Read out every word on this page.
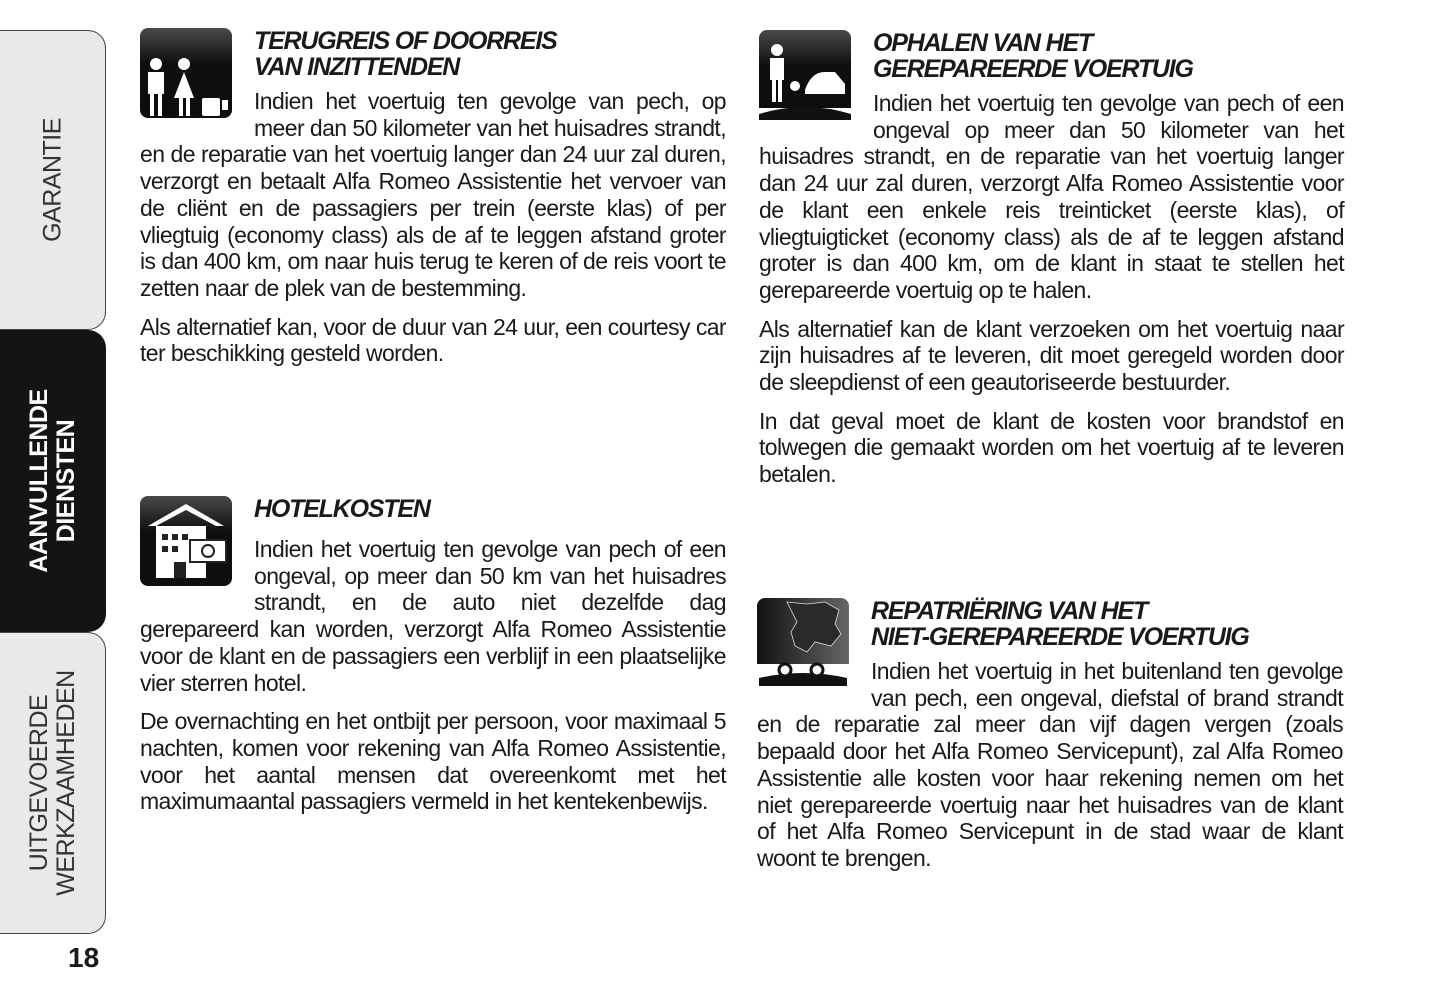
GARANTIE
AANVULLENDE
DIENSTEN
UITGEVOERDE
WERKZAAMHEDEN
18
TERUGREIS OF DOORREIS
VAN INZITTENDEN

Indien het voertuig ten gevolge van pech, op meer dan 50 kilometer van het huisadres strandt, en de reparatie van het voertuig langer dan 24 uur zal duren, verzorgt en betaalt Alfa Romeo Assistentie het vervoer van de cliënt en de passagiers per trein (eerste klas) of per vliegtuig (economy class) als de af te leggen afstand groter is dan 400 km, om naar huis terug te keren of de reis voort te zetten naar de plek van de bestemming.

Als alternatief kan, voor de duur van 24 uur, een courtesy car ter beschikking gesteld worden.

HOTELKOSTEN

Indien het voertuig ten gevolge van pech of een ongeval, op meer dan 50 km van het huisadres strandt, en de auto niet dezelfde dag gerepareerd kan worden, verzorgt Alfa Romeo Assistentie voor de klant en de passagiers een verblijf in een plaatselijke vier sterren hotel.

De overnachting en het ontbijt per persoon, voor maximaal 5 nachten, komen voor rekening van Alfa Romeo Assistentie, voor het aantal mensen dat overeenkomt met het maximumaantal passagiers vermeld in het kentekenbewijs.

OPHALEN VAN HET
GEREPAREERDE VOERTUIG

Indien het voertuig ten gevolge van pech of een ongeval op meer dan 50 kilometer van het huisadres strandt, en de reparatie van het voertuig langer dan 24 uur zal duren, verzorgt Alfa Romeo Assistentie voor de klant een enkele reis treinticket (eerste klas), of vliegtuigticket (economy class) als de af te leggen afstand groter is dan 400 km, om de klant in staat te stellen het gerepareerde voertuig op te halen.

Als alternatief kan de klant verzoeken om het voertuig naar zijn huisadres af te leveren, dit moet geregeld worden door de sleepdienst of een geautoriseerde bestuurder.

In dat geval moet de klant de kosten voor brandstof en tolwegen die gemaakt worden om het voertuig af te leveren betalen.

REPATRIËRING VAN HET
NIET-GEREPAREERDE VOERTUIG

Indien het voertuig in het buitenland ten gevolge van pech, een ongeval, diefstal of brand strandt en de reparatie zal meer dan vijf dagen vergen (zoals bepaald door het Alfa Romeo Servicepunt), zal Alfa Romeo Assistentie alle kosten voor haar rekening nemen om het niet gerepareerde voertuig naar het huisadres van de klant of het Alfa Romeo Servicepunt in de stad waar de klant woont te brengen.
